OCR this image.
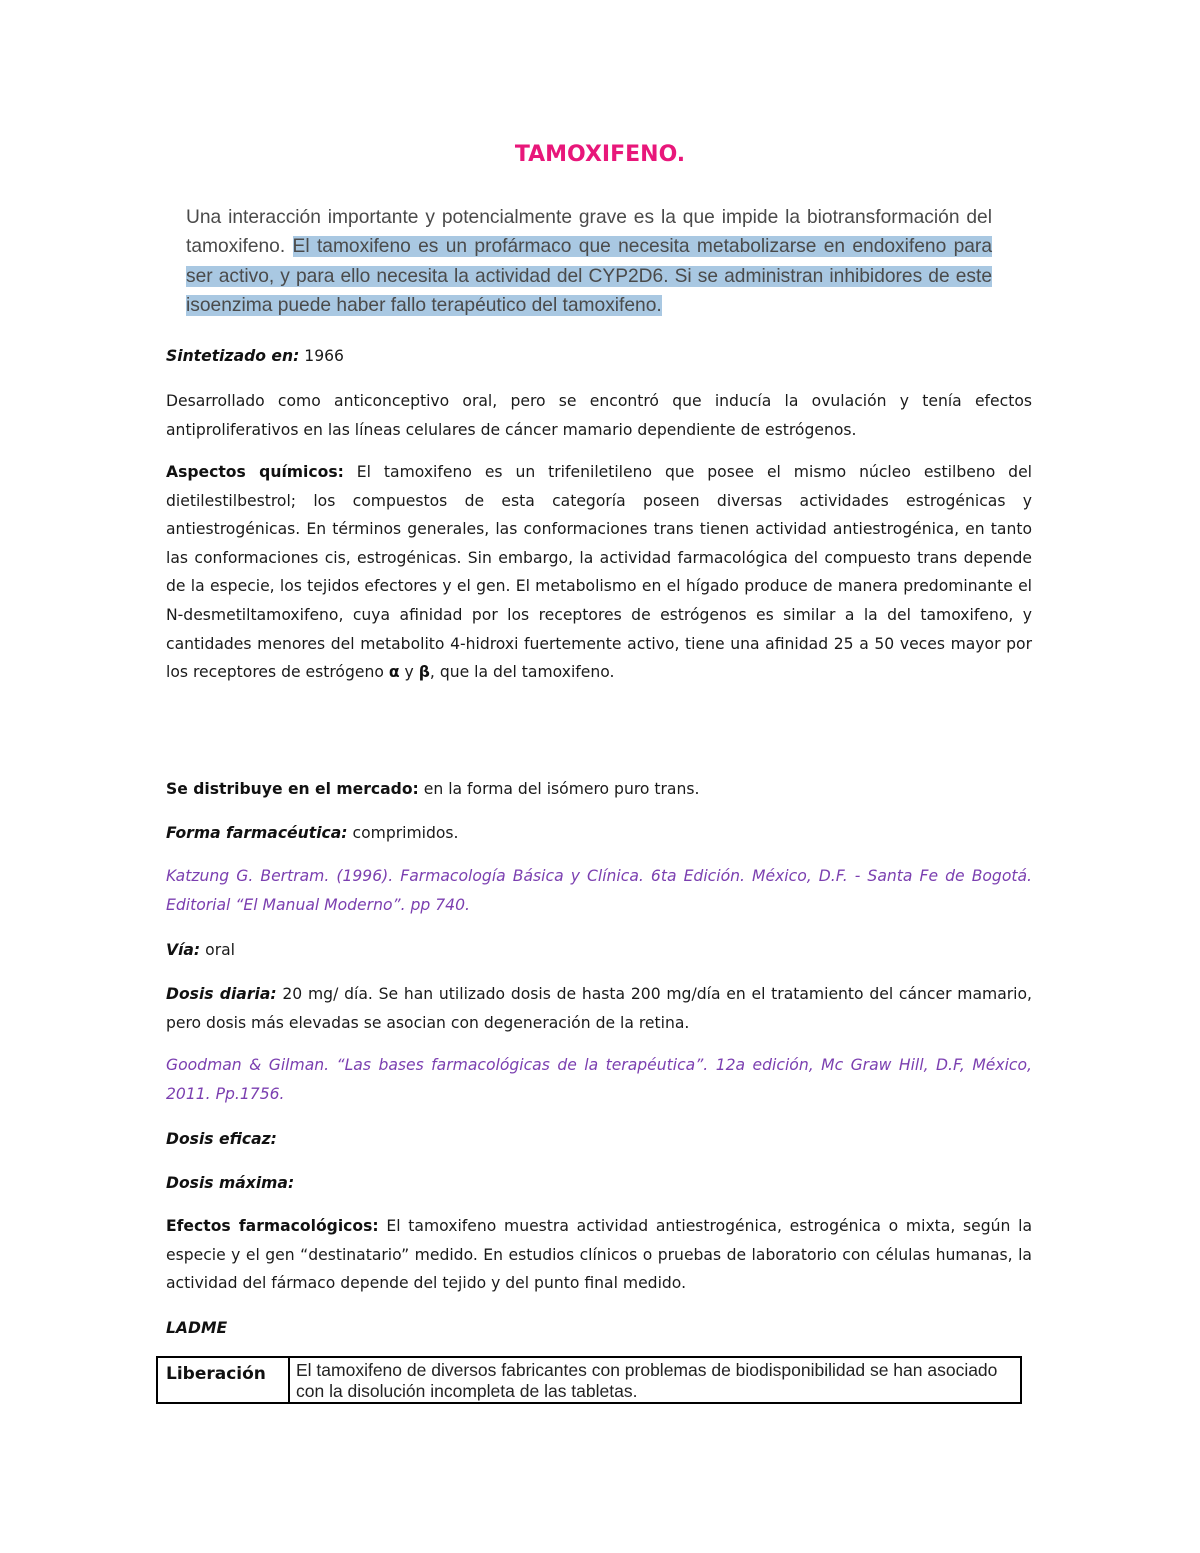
TAMOXIFENO.
Una interacción importante y potencialmente grave es la que impide la biotransformación del tamoxifeno. El tamoxifeno es un profármaco que necesita metabolizarse en endoxifeno para ser activo, y para ello necesita la actividad del CYP2D6. Si se administran inhibidores de este isoenzima puede haber fallo terapéutico del tamoxifeno.

Sintetizado en: 1966

Desarrollado como anticonceptivo oral, pero se encontró que inducía la ovulación y tenía efectos antiproliferativos en las líneas celulares de cáncer mamario dependiente de estrógenos.

Aspectos químicos: El tamoxifeno es un trifeniletileno que posee el mismo núcleo estilbeno del dietilestilbestrol; los compuestos de esta categoría poseen diversas actividades estrogénicas y antiestrogénicas. En términos generales, las conformaciones trans tienen actividad antiestrogénica, en tanto las conformaciones cis, estrogénicas. Sin embargo, la actividad farmacológica del compuesto trans depende de la especie, los tejidos efectores y el gen. El metabolismo en el hígado produce de manera predominante el N-desmetiltamoxifeno, cuya afinidad por los receptores de estrógenos es similar a la del tamoxifeno, y cantidades menores del metabolito 4-hidroxi fuertemente activo, tiene una afinidad 25 a 50 veces mayor por los receptores de estrógeno α y β, que la del tamoxifeno.

Se distribuye en el mercado: en la forma del isómero puro trans.

Forma farmacéutica: comprimidos.

Katzung G. Bertram. (1996). Farmacología Básica y Clínica. 6ta Edición. México, D.F. - Santa Fe de Bogotá. Editorial “El Manual Moderno”. pp 740.

Vía: oral

Dosis diaria: 20 mg/ día. Se han utilizado dosis de hasta 200 mg/día en el tratamiento del cáncer mamario, pero dosis más elevadas se asocian con degeneración de la retina.

Goodman & Gilman. “Las bases farmacológicas de la terapéutica”. 12a edición, Mc Graw Hill, D.F, México, 2011. Pp.1756.

Dosis eficaz:

Dosis máxima:

Efectos farmacológicos: El tamoxifeno muestra actividad antiestrogénica, estrogénica o mixta, según la especie y el gen “destinatario” medido. En estudios clínicos o pruebas de laboratorio con células humanas, la actividad del fármaco depende del tejido y del punto final medido.

LADME

Liberación	El tamoxifeno de diversos fabricantes con problemas de biodisponibilidad se han asociado con la disolución incompleta de las tabletas.
